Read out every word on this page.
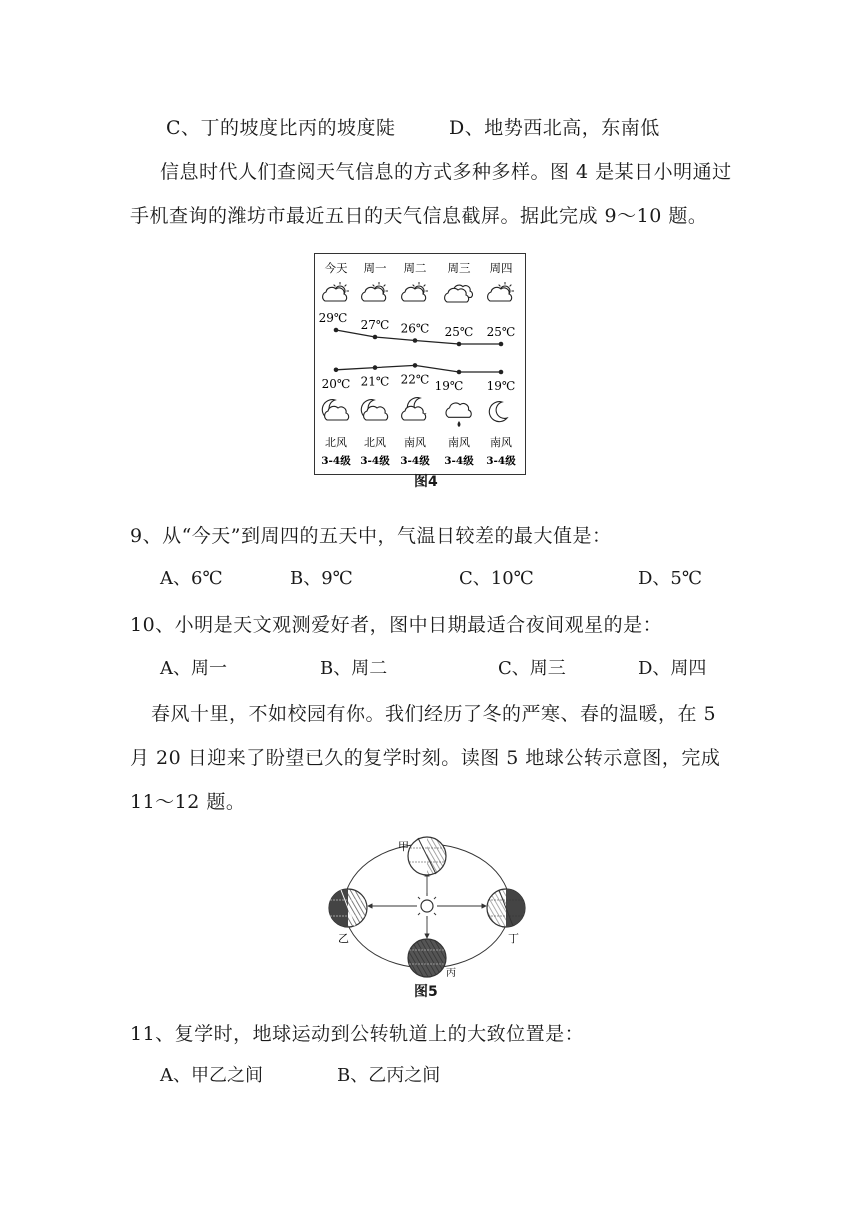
C、丁的坡度比丙的坡度陡	D、地势西北高，东南低
信息时代人们查阅天气信息的方式多种多样。图 4 是某日小明通过
手机查询的潍坊市最近五日的天气信息截屏。据此完成 9～10 题。
今天 周一 周二 周三 周四
29℃ 27℃ 26℃ 25℃ 25℃
20℃ 21℃ 22℃ 19℃ 19℃
北风 北风 南风 南风 南风
3-4级 3-4级 3-4级 3-4级 3-4级
图4
9、从“今天”到周四的五天中，气温日较差的最大值是：
A、6℃	B、9℃	C、10℃	D、5℃
10、小明是天文观测爱好者，图中日期最适合夜间观星的是：
A、周一	B、周二	C、周三	D、周四
春风十里，不如校园有你。我们经历了冬的严寒、春的温暖，在 5
月 20 日迎来了盼望已久的复学时刻。读图 5 地球公转示意图，完成
11～12 题。
甲
乙
丙
丁
图5
11、复学时，地球运动到公转轨道上的大致位置是：
A、甲乙之间	B、乙丙之间
